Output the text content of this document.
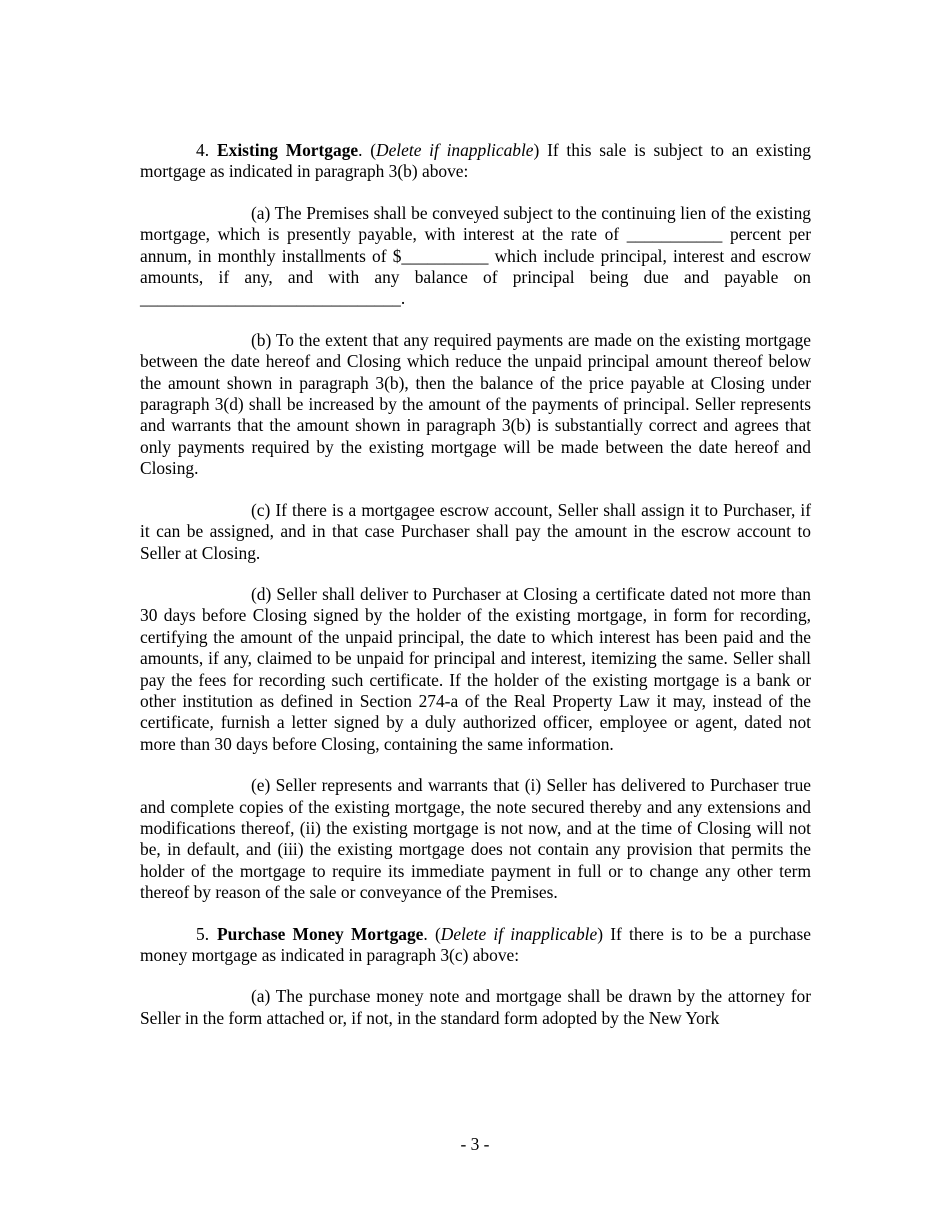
4. Existing Mortgage. (Delete if inapplicable) If this sale is subject to an existing mortgage as indicated in paragraph 3(b) above:

(a) The Premises shall be conveyed subject to the continuing lien of the existing mortgage, which is presently payable, with interest at the rate of ___________ percent per annum, in monthly installments of $__________ which include principal, interest and escrow amounts, if any, and with any balance of principal being due and payable on ______________________________.

(b) To the extent that any required payments are made on the existing mortgage between the date hereof and Closing which reduce the unpaid principal amount thereof below the amount shown in paragraph 3(b), then the balance of the price payable at Closing under paragraph 3(d) shall be increased by the amount of the payments of principal. Seller represents and warrants that the amount shown in paragraph 3(b) is substantially correct and agrees that only payments required by the existing mortgage will be made between the date hereof and Closing.

(c) If there is a mortgagee escrow account, Seller shall assign it to Purchaser, if it can be assigned, and in that case Purchaser shall pay the amount in the escrow account to Seller at Closing.

(d) Seller shall deliver to Purchaser at Closing a certificate dated not more than 30 days before Closing signed by the holder of the existing mortgage, in form for recording, certifying the amount of the unpaid principal, the date to which interest has been paid and the amounts, if any, claimed to be unpaid for principal and interest, itemizing the same. Seller shall pay the fees for recording such certificate. If the holder of the existing mortgage is a bank or other institution as defined in Section 274-a of the Real Property Law it may, instead of the certificate, furnish a letter signed by a duly authorized officer, employee or agent, dated not more than 30 days before Closing, containing the same information.

(e) Seller represents and warrants that (i) Seller has delivered to Purchaser true and complete copies of the existing mortgage, the note secured thereby and any extensions and modifications thereof, (ii) the existing mortgage is not now, and at the time of Closing will not be, in default, and (iii) the existing mortgage does not contain any provision that permits the holder of the mortgage to require its immediate payment in full or to change any other term thereof by reason of the sale or conveyance of the Premises.

5. Purchase Money Mortgage. (Delete if inapplicable) If there is to be a purchase money mortgage as indicated in paragraph 3(c) above:

(a) The purchase money note and mortgage shall be drawn by the attorney for Seller in the form attached or, if not, in the standard form adopted by the New York

- 3 -
